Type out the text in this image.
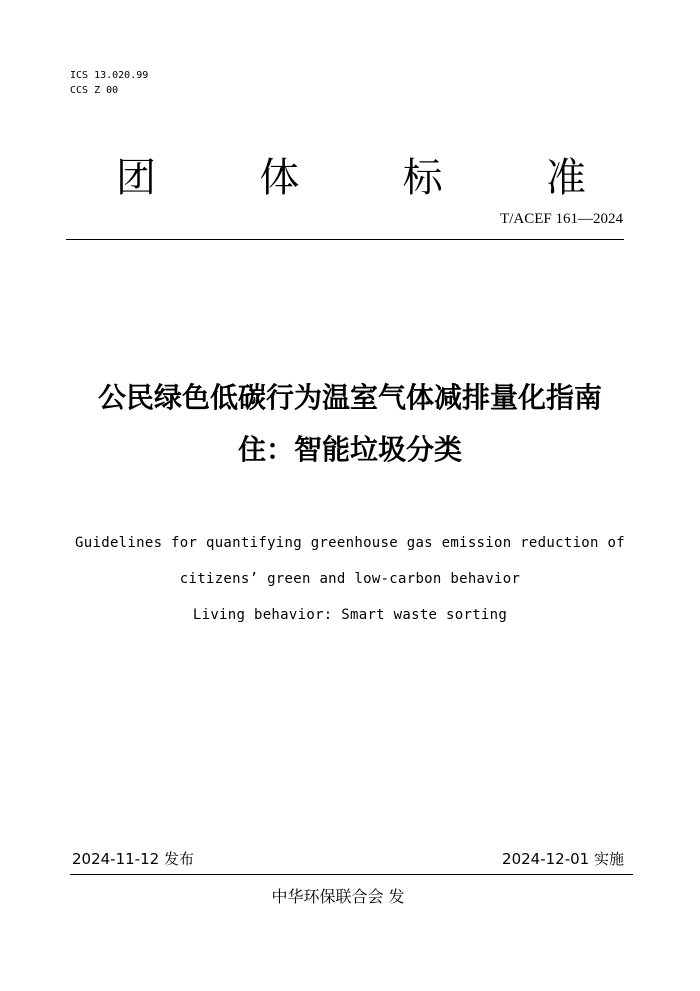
ICS 13.020.99
CCS Z 00
团	体	标	准
T/ACEF 161—2024
公民绿色低碳行为温室气体减排量化指南
住：智能垃圾分类
Guidelines for quantifying greenhouse gas emission reduction of
citizens’ green and low-carbon behavior
Living behavior: Smart waste sorting
2024-11-12 发布	2024-12-01 实施
中华环保联合会 发
